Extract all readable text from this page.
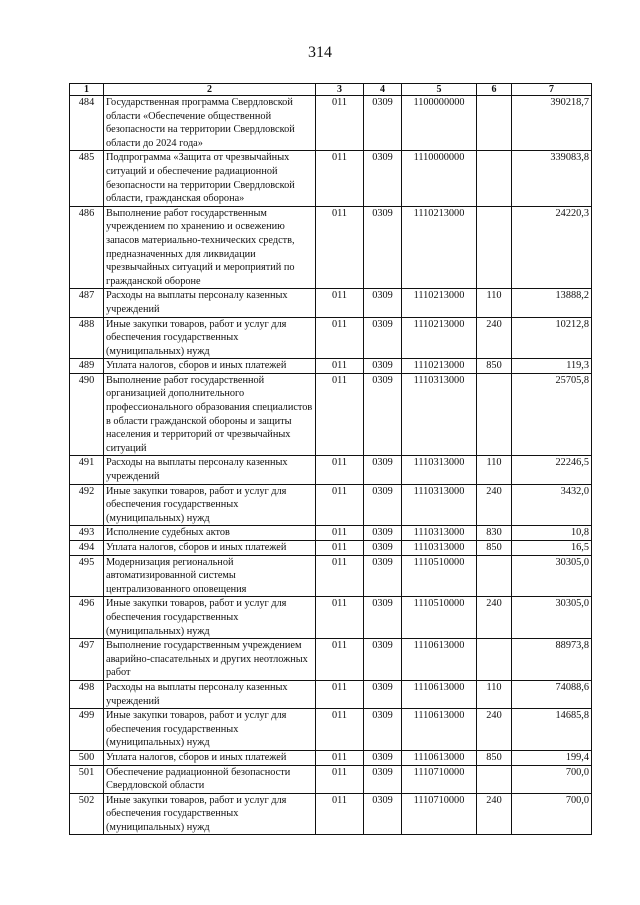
314
1	2	3	4	5	6	7
484	Государственная программа Свердловской области «Обеспечение общественной безопасности на территории Свердловской области до 2024 года»	011	0309	1100000000		390218,7
485	Подпрограмма «Защита от чрезвычайных ситуаций и обеспечение радиационной безопасности на территории Свердловской области, гражданская оборона»	011	0309	1110000000		339083,8
486	Выполнение работ государственным учреждением по хранению и освежению запасов материально-технических средств, предназначенных для ликвидации чрезвычайных ситуаций и мероприятий по гражданской обороне	011	0309	1110213000		24220,3
487	Расходы на выплаты персоналу казенных учреждений	011	0309	1110213000	110	13888,2
488	Иные закупки товаров, работ и услуг для обеспечения государственных (муниципальных) нужд	011	0309	1110213000	240	10212,8
489	Уплата налогов, сборов и иных платежей	011	0309	1110213000	850	119,3
490	Выполнение работ государственной организацией дополнительного профессионального образования специалистов в области гражданской обороны и защиты населения и территорий от чрезвычайных ситуаций	011	0309	1110313000		25705,8
491	Расходы на выплаты персоналу казенных учреждений	011	0309	1110313000	110	22246,5
492	Иные закупки товаров, работ и услуг для обеспечения государственных (муниципальных) нужд	011	0309	1110313000	240	3432,0
493	Исполнение судебных актов	011	0309	1110313000	830	10,8
494	Уплата налогов, сборов и иных платежей	011	0309	1110313000	850	16,5
495	Модернизация региональной автоматизированной системы централизованного оповещения	011	0309	1110510000		30305,0
496	Иные закупки товаров, работ и услуг для обеспечения государственных (муниципальных) нужд	011	0309	1110510000	240	30305,0
497	Выполнение государственным учреждением аварийно-спасательных и других неотложных работ	011	0309	1110613000		88973,8
498	Расходы на выплаты персоналу казенных учреждений	011	0309	1110613000	110	74088,6
499	Иные закупки товаров, работ и услуг для обеспечения государственных (муниципальных) нужд	011	0309	1110613000	240	14685,8
500	Уплата налогов, сборов и иных платежей	011	0309	1110613000	850	199,4
501	Обеспечение радиационной безопасности Свердловской области	011	0309	1110710000		700,0
502	Иные закупки товаров, работ и услуг для обеспечения государственных (муниципальных) нужд	011	0309	1110710000	240	700,0
